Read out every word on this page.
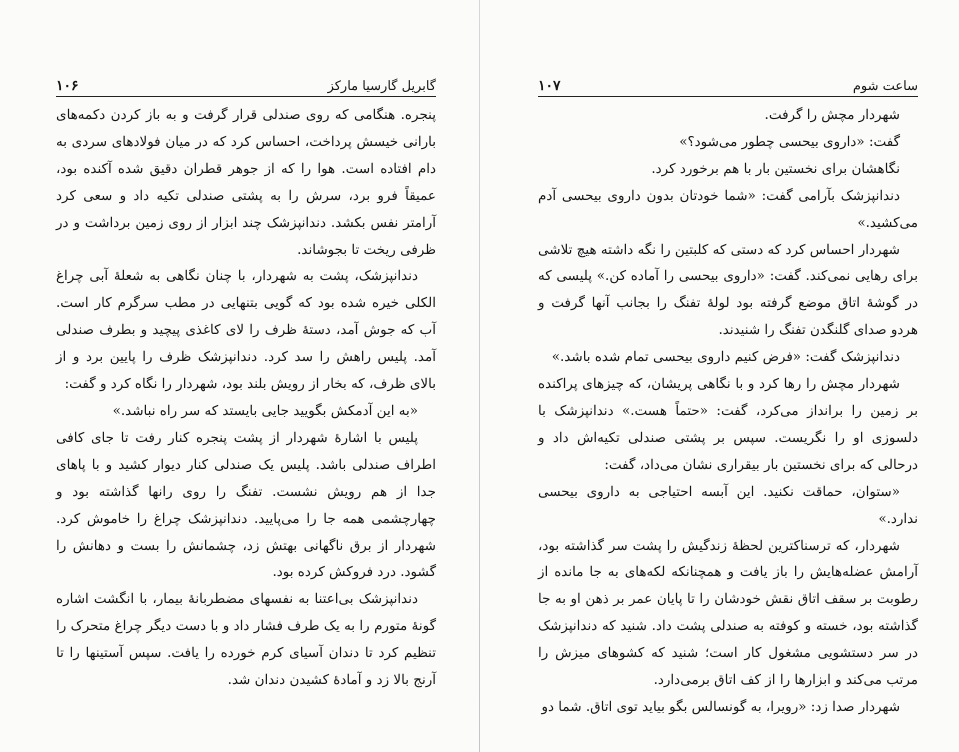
۱۰۶	گابریل گارسیا مارکز

پنجره. هنگامی که روی صندلی قرار گرفت و به باز کردن دکمه‌های بارانی خیسش پرداخت، احساس کرد که در میان فولادهای سردی به دام افتاده است. هوا را که از جوهر قطران دقیق شده آکنده بود، عمیقاً فرو برد، سرش را به پشتی صندلی تکیه داد و سعی کرد آرامتر نفس بکشد. دندانپزشک چند ابزار از روی زمین برداشت و در ظرفی ریخت تا بجوشاند.

دندانپزشک، پشت به شهردار، با چنان نگاهی به شعلهٔ آبی چراغ الکلی خیره شده بود که گویی بتنهایی در مطب سرگرم کار است. آب که جوش آمد، دستهٔ ظرف را لای کاغذی پیچید و بطرف صندلی آمد. پلیس راهش را سد کرد. دندانپزشک ظرف را پایین برد و از بالای ظرف، که بخار از رویش بلند بود، شهردار را نگاه کرد و گفت:

«به این آدمکش بگویید جایی بایستد که سر راه نباشد.»

پلیس با اشارهٔ شهردار از پشت پنجره کنار رفت تا جای کافی اطراف صندلی باشد. پلیس یک صندلی کنار دیوار کشید و با پاهای جدا از هم رویش نشست. تفنگ را روی رانها گذاشته بود و چهارچشمی همه جا را می‌پایید. دندانپزشک چراغ را خاموش کرد. شهردار از برق ناگهانی بهتش زد، چشمانش را بست و دهانش را گشود. درد فروکش کرده بود.

دندانپزشک بی‌اعتنا به نفسهای مضطربانهٔ بیمار، با انگشت اشاره گونهٔ متورم را به یک طرف فشار داد و با دست دیگر چراغ متحرک را تنظیم کرد تا دندان آسیای کرم خورده را یافت. سپس آستینها را تا آرنج بالا زد و آمادهٔ کشیدن دندان شد.

۱۰۷	ساعت شوم

شهردار مچش را گرفت.

گفت: «داروی بیحسی چطور می‌شود؟»

نگاهشان برای نخستین بار با هم برخورد کرد.

دندانپزشک بآرامی گفت: «شما خودتان بدون داروی بیحسی آدم می‌کشید.»

شهردار احساس کرد که دستی که کلبتین را نگه داشته هیچ تلاشی برای رهایی نمی‌کند. گفت: «داروی بیحسی را آماده کن.» پلیسی که در گوشهٔ اتاق موضع گرفته بود لولهٔ تفنگ را بجانب آنها گرفت و هردو صدای گلنگدن تفنگ را شنیدند.

دندانپزشک گفت: «فرض کنیم داروی بیحسی تمام شده باشد.»

شهردار مچش را رها کرد و با نگاهی پریشان، که چیزهای پراکنده بر زمین را برانداز می‌کرد، گفت: «حتماً هست.» دندانپزشک با دلسوزی او را نگریست. سپس بر پشتی صندلی تکیه‌اش داد و درحالی که برای نخستین بار بیقراری نشان می‌داد، گفت:

«ستوان، حماقت نکنید. این آبسه احتیاجی به داروی بیحسی ندارد.»

شهردار، که ترسناکترین لحظهٔ زندگیش را پشت سر گذاشته بود، آرامش عضله‌هایش را باز یافت و همچنانکه لکه‌های به جا مانده از رطوبت بر سقف اتاق نقش خودشان را تا پایان عمر بر ذهن او به جا گذاشته بود، خسته و کوفته به صندلی پشت داد. شنید که دندانپزشک در سر دستشویی مشغول کار است؛ شنید که کشوهای میزش را مرتب می‌کند و ابزارها را از کف اتاق برمی‌دارد.

شهردار صدا زد: «رویرا، به گونسالس بگو بیاید توی اتاق. شما دو
